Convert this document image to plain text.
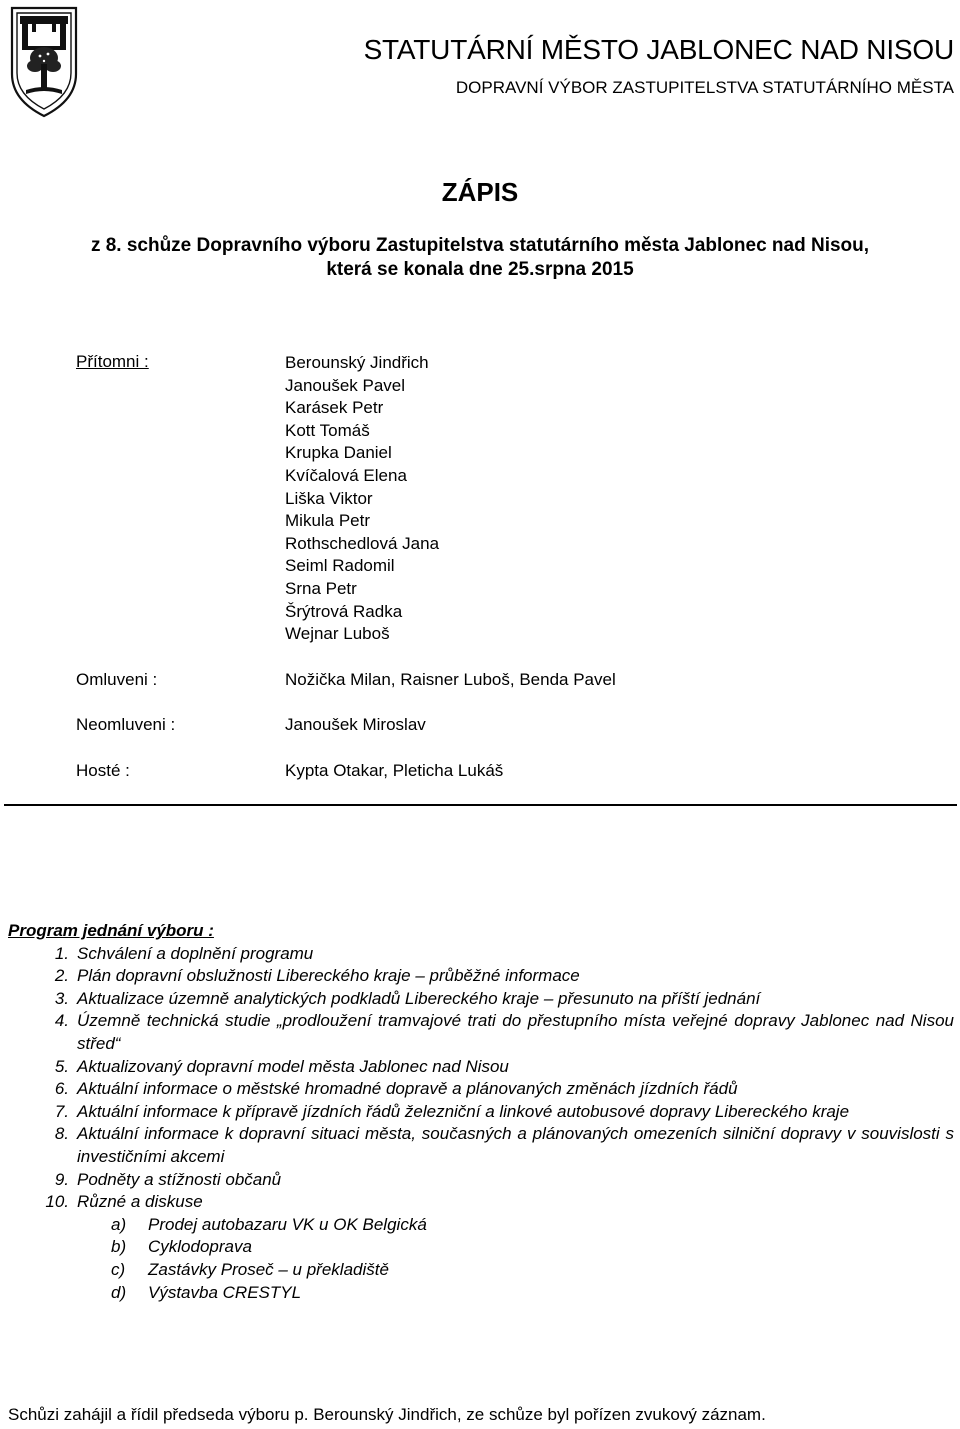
STATUTÁRNÍ MĚSTO JABLONEC NAD NISOU
DOPRAVNÍ VÝBOR ZASTUPITELSTVA STATUTÁRNÍHO MĚSTA
ZÁPIS
z 8. schůze Dopravního výboru Zastupitelstva statutárního města Jablonec nad Nisou,
která se konala dne 25.srpna 2015
Přítomni :	Berounský Jindřich
Janoušek Pavel
Karásek Petr
Kott Tomáš
Krupka Daniel
Kvíčalová Elena
Liška Viktor
Mikula Petr
Rothschedlová Jana
Seiml Radomil
Srna Petr
Šrýtrová Radka
Wejnar Luboš
Omluveni :	Nožička Milan, Raisner Luboš, Benda Pavel
Neomluveni :	Janoušek Miroslav
Hosté :	Kypta Otakar, Pleticha Lukáš
Program jednání výboru :
1. Schválení a doplnění programu
2. Plán dopravní obslužnosti Libereckého kraje – průběžné informace
3. Aktualizace územně analytických podkladů Libereckého kraje – přesunuto na příští jednání
4. Územně technická studie „prodloužení tramvajové trati do přestupního místa veřejné dopravy Jablonec nad Nisou střed“
5. Aktualizovaný dopravní model města Jablonec nad Nisou
6. Aktuální informace o městské hromadné dopravě a plánovaných změnách jízdních řádů
7. Aktuální informace k přípravě jízdních řádů železniční a linkové autobusové dopravy Libereckého kraje
8. Aktuální informace k dopravní situaci města, současných a plánovaných omezeních silniční dopravy v souvislosti s investičními akcemi
9. Podněty a stížnosti občanů
10. Různé a diskuse
a)	Prodej autobazaru VK u OK Belgická
b)	Cyklodoprava
c)	Zastávky Proseč – u překladiště
d)	Výstavba CRESTYL
Schůzi zahájil a řídil předseda výboru p. Berounský Jindřich, ze schůze byl pořízen zvukový záznam.
